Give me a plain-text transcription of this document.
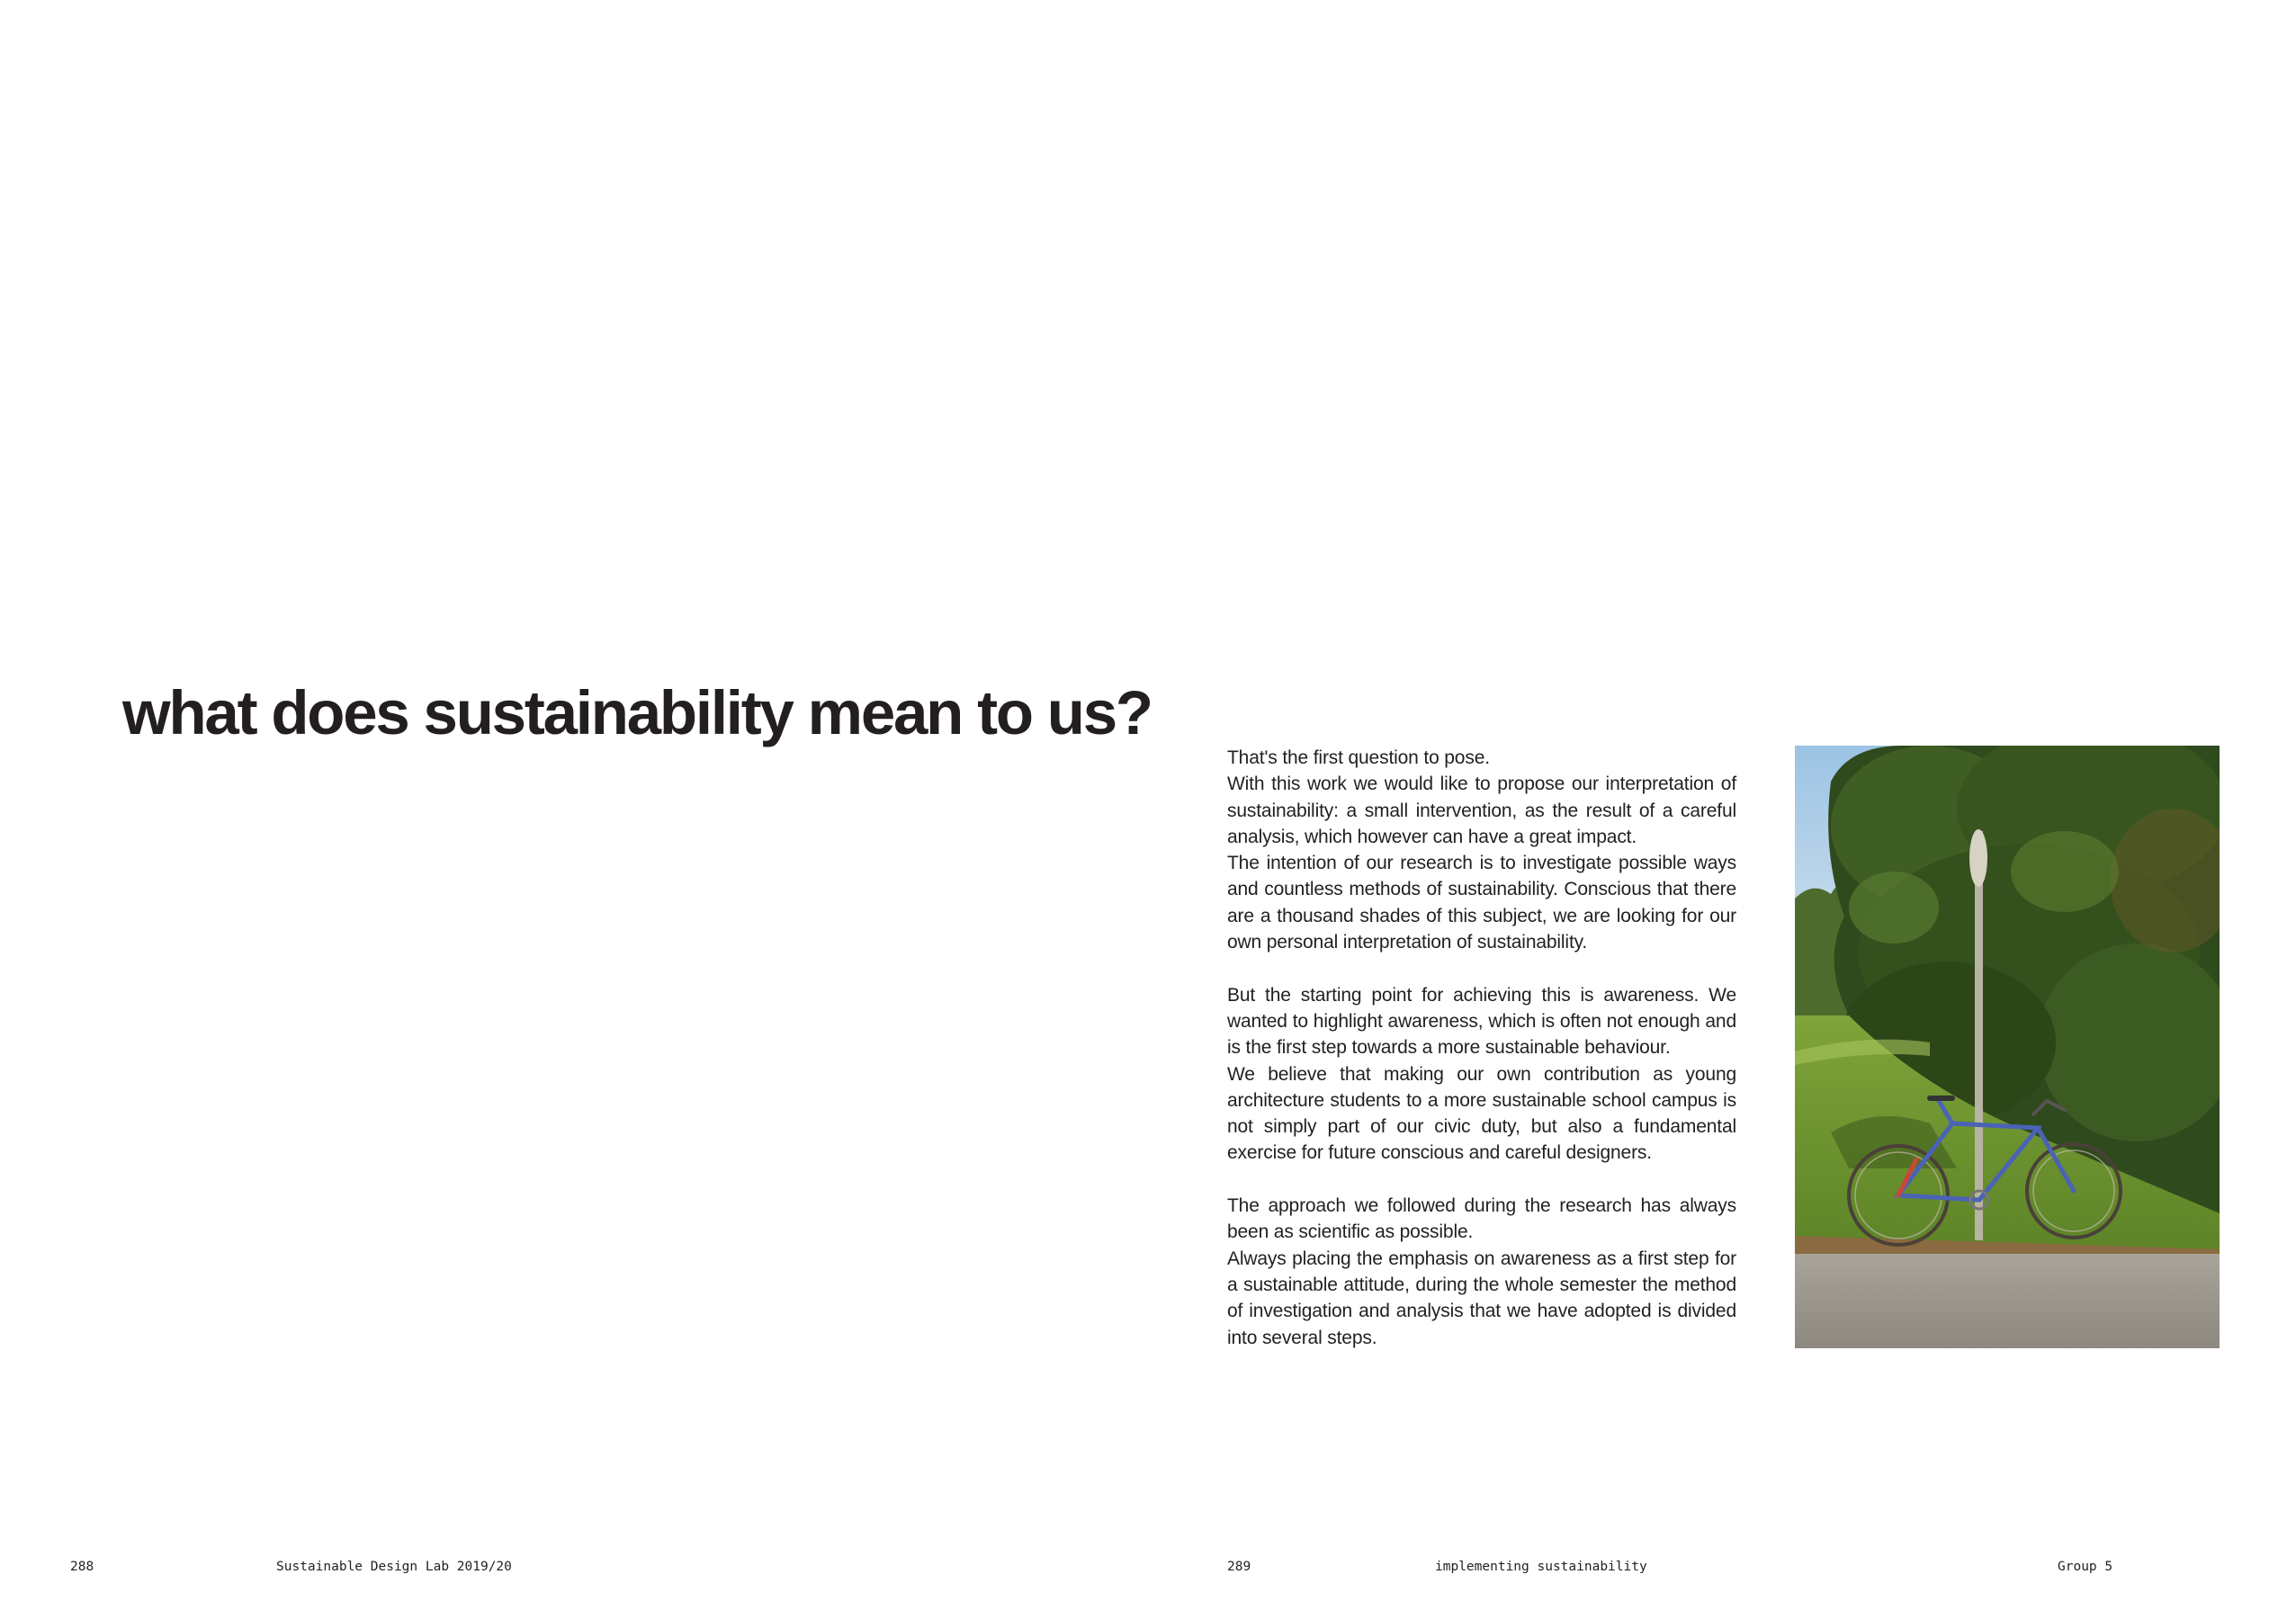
what does sustainability mean to us?

That's the first question to pose.
With this work we would like to propose our interpretation of sustainability: a small intervention, as the result of a careful analysis, which however can have a great impact.
The intention of our research is to investigate possible ways and countless methods of sustainability. Conscious that there are a thousand shades of this subject, we are looking for our own personal interpretation of sustainability.

But the starting point for achieving this is awareness. We wanted to highlight awareness, which is often not enough and is the first step towards a more sustainable behaviour.
We believe that making our own contribution as young architecture students to a more sustainable school campus is not simply part of our civic duty, but also a fundamental exercise for future conscious and careful designers.

The approach we followed during the research has always been as scientific as possible.
Always placing the emphasis on awareness as a first step for a sustainable attitude, during the whole semester the method of investigation and analysis that we have adopted is divided into several steps.

288	Sustainable Design Lab 2019/20	289	implementing sustainability	Group 5
